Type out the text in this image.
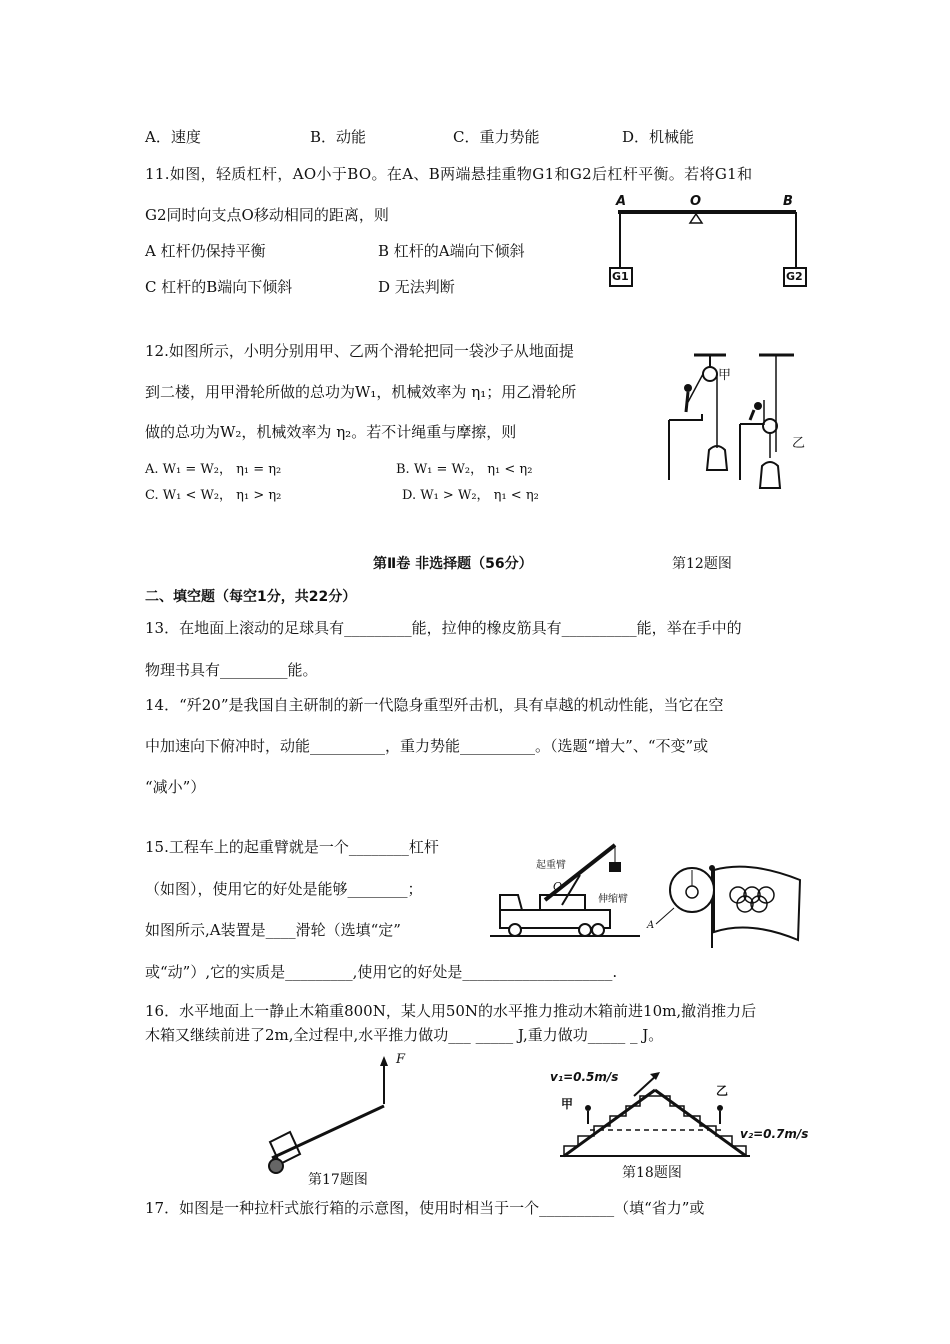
A．速度	B．动能	C．重力势能	D．机械能
11.如图，轻质杠杆，AO小于BO。在A、B两端悬挂重物G1和G2后杠杆平衡。若将G1和
G2同时向支点O移动相同的距离，则
A 杠杆仍保持平衡	B 杠杆的A端向下倾斜
C 杠杆的B端向下倾斜	D 无法判断
A	O	B
G1	G2
12.如图所示，小明分别用甲、乙两个滑轮把同一袋沙子从地面提
到二楼，用甲滑轮所做的总功为W₁，机械效率为 η₁；用乙滑轮所
做的总功为W₂，机械效率为 η₂。若不计绳重与摩擦，则
A. W₁ = W₂， η₁ = η₂	B. W₁ = W₂， η₁ < η₂
C. W₁ < W₂， η₁ > η₂	D. W₁ > W₂， η₁ < η₂
甲
乙
第Ⅱ卷 非选择题（56分）	第12题图
二、填空题（每空1分，共22分）
13．在地面上滚动的足球具有_________能，拉伸的橡皮筋具有__________能，举在手中的
物理书具有_________能。
14．“歼20”是我国自主研制的新一代隐身重型歼击机，具有卓越的机动性能，当它在空
中加速向下俯冲时，动能__________，重力势能__________。（选题“增大”、“不变”或
“减小”）
15.工程车上的起重臂就是一个________杠杆
（如图），使用它的好处是能够________；
如图所示,A装置是____滑轮（选填“定”
或“动”）,它的实质是_________,使用它的好处是____________________.
起重臂
O
伸缩臂
A
16．水平地面上一静止木箱重800N，某人用50N的水平推力推动木箱前进10m,撤消推力后
木箱又继续前进了2m,全过程中,水平推力做功___ _____ J,重力做功_____ _ J。
F
第17题图
v₁=0.5m/s
v₂=0.7m/s
甲
乙
第18题图
17．如图是一种拉杆式旅行箱的示意图，使用时相当于一个__________（填“省力”或
